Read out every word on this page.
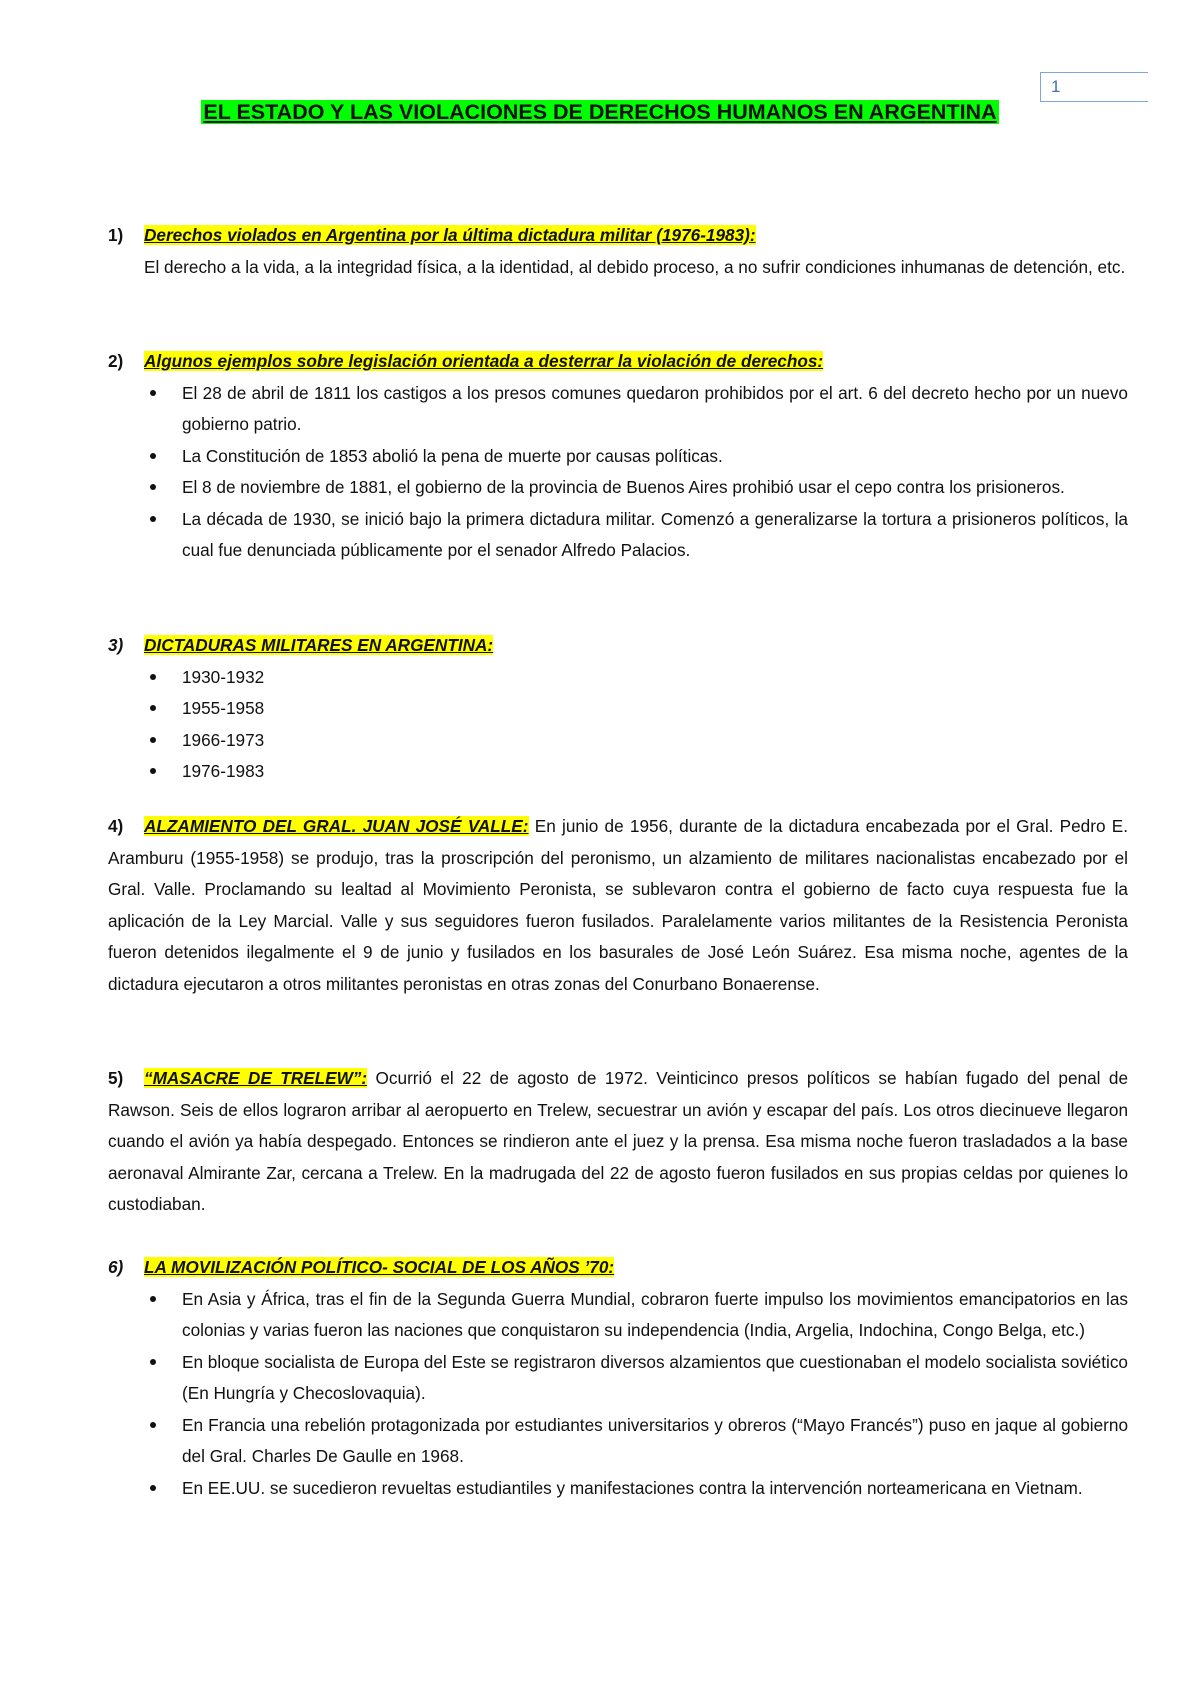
1
EL ESTADO Y LAS VIOLACIONES DE DERECHOS HUMANOS EN ARGENTINA
1)	Derechos violados en Argentina por la última dictadura militar (1976-1983):
El derecho a la vida, a la integridad física, a la identidad, al debido proceso, a no sufrir condiciones inhumanas de detención, etc.
2)	Algunos ejemplos sobre legislación orientada a desterrar la violación de derechos:
El 28 de abril de 1811 los castigos a los presos comunes quedaron prohibidos por el art. 6 del decreto hecho por un nuevo gobierno patrio.
La Constitución de 1853 abolió la pena de muerte por causas políticas.
El 8 de noviembre de 1881, el gobierno de la provincia de Buenos Aires prohibió usar el cepo contra los prisioneros.
La década de 1930, se inició bajo la primera dictadura militar. Comenzó a generalizarse la tortura a prisioneros políticos, la cual fue denunciada públicamente por el senador Alfredo Palacios.
3)	DICTADURAS MILITARES EN ARGENTINA:
1930-1932
1955-1958
1966-1973
1976-1983
4) ALZAMIENTO DEL GRAL. JUAN JOSÉ VALLE: En junio de 1956, durante de la dictadura encabezada por el Gral. Pedro E. Aramburu (1955-1958) se produjo, tras la proscripción del peronismo, un alzamiento de militares nacionalistas encabezado por el Gral. Valle. Proclamando su lealtad al Movimiento Peronista, se sublevaron contra el gobierno de facto cuya respuesta fue la aplicación de la Ley Marcial. Valle y sus seguidores fueron fusilados. Paralelamente varios militantes de la Resistencia Peronista fueron detenidos ilegalmente el 9 de junio y fusilados en los basurales de José León Suárez. Esa misma noche, agentes de la dictadura ejecutaron a otros militantes peronistas en otras zonas del Conurbano Bonaerense.
5) “MASACRE DE TRELEW”: Ocurrió el 22 de agosto de 1972. Veinticinco presos políticos se habían fugado del penal de Rawson. Seis de ellos lograron arribar al aeropuerto en Trelew, secuestrar un avión y escapar del país. Los otros diecinueve llegaron cuando el avión ya había despegado. Entonces se rindieron ante el juez y la prensa. Esa misma noche fueron trasladados a la base aeronaval Almirante Zar, cercana a Trelew. En la madrugada del 22 de agosto fueron fusilados en sus propias celdas por quienes lo custodiaban.
6)	LA MOVILIZACIÓN POLÍTICO- SOCIAL DE LOS AÑOS ’70:
En Asia y África, tras el fin de la Segunda Guerra Mundial, cobraron fuerte impulso los movimientos emancipatorios en las colonias y varias fueron las naciones que conquistaron su independencia (India, Argelia, Indochina, Congo Belga, etc.)
En bloque socialista de Europa del Este se registraron diversos alzamientos que cuestionaban el modelo socialista soviético (En Hungría y Checoslovaquia).
En Francia una rebelión protagonizada por estudiantes universitarios y obreros (“Mayo Francés”) puso en jaque al gobierno del Gral. Charles De Gaulle en 1968.
En EE.UU. se sucedieron revueltas estudiantiles y manifestaciones contra la intervención norteamericana en Vietnam.
